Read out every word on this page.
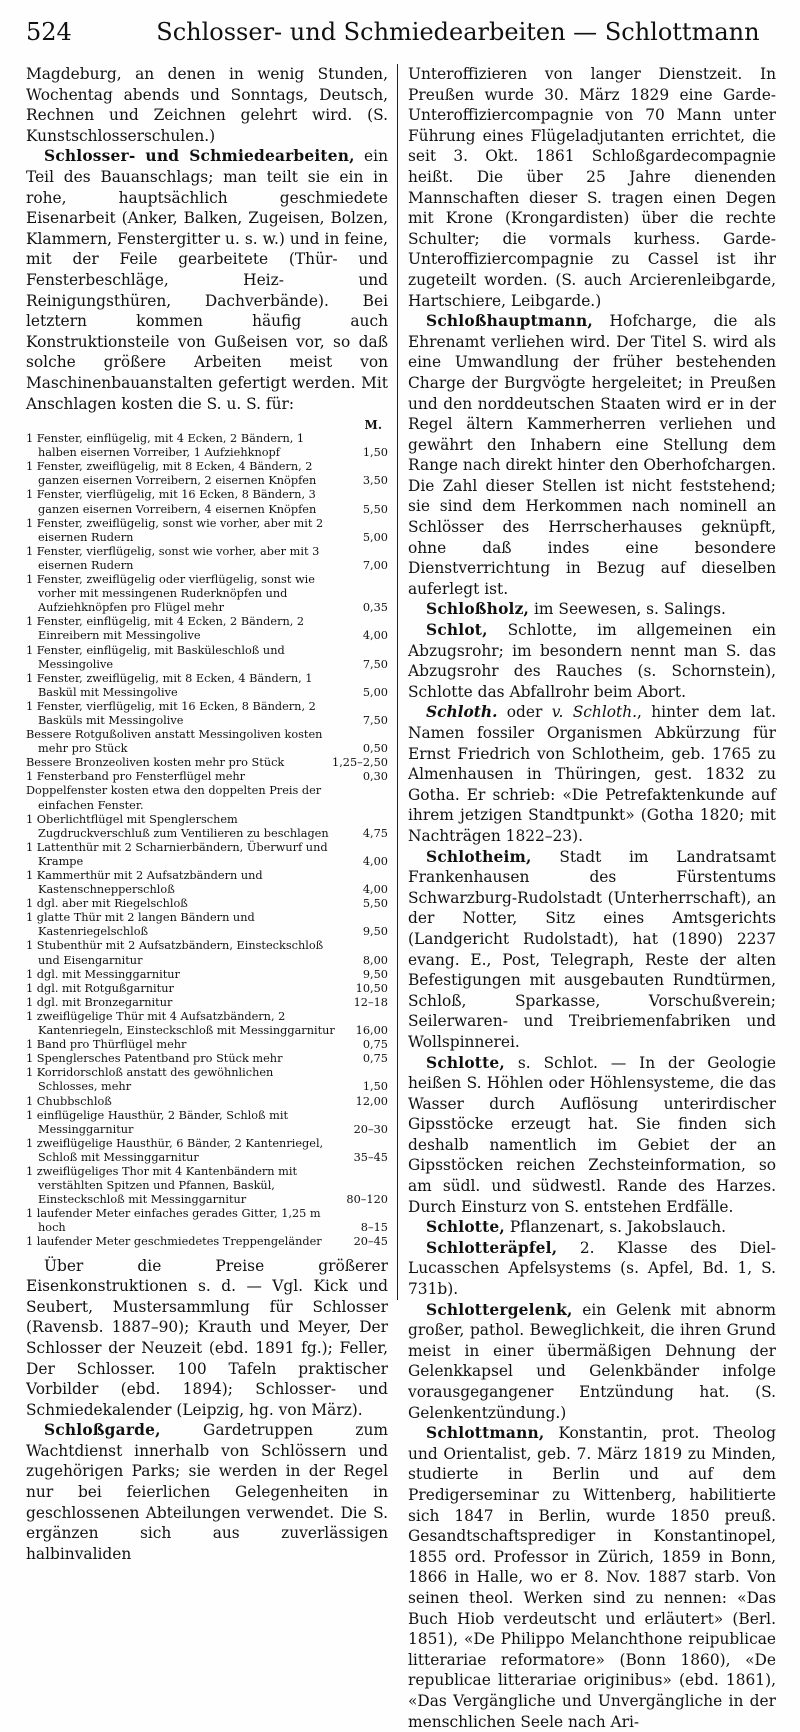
524	Schlosser- und Schmiedearbeiten — Schlottmann

Magdeburg, an denen in wenig Stunden, Wochentag abends und Sonntags, Deutsch, Rechnen und Zeichnen gelehrt wird. (S. Kunstschlosserschulen.)

Schlosser- und Schmiedearbeiten, ein Teil des Bauanschlags; man teilt sie ein in rohe, hauptsächlich geschmiedete Eisenarbeit (Anker, Balken, Zugeisen, Bolzen, Klammern, Fenstergitter u. s. w.) und in feine, mit der Feile gearbeitete (Thür- und Fensterbeschläge, Heiz- und Reinigungsthüren, Dachverbände). Bei letztern kommen häufig auch Konstruktionsteile von Gußeisen vor, so daß solche größere Arbeiten meist von Maschinenbauanstalten gefertigt werden. Mit Anschlagen kosten die S. u. S. für:

M.
1 Fenster, einflügelig, mit 4 Ecken, 2 Bändern, 1 halben eisernen Vorreiber, 1 Aufziehknopf	1,50
1 Fenster, zweiflügelig, mit 8 Ecken, 4 Bändern, 2 ganzen eisernen Vorreibern, 2 eisernen Knöpfen	3,50
1 Fenster, vierflügelig, mit 16 Ecken, 8 Bändern, 3 ganzen eisernen Vorreibern, 4 eisernen Knöpfen	5,50
1 Fenster, zweiflügelig, sonst wie vorher, aber mit 2 eisernen Rudern	5,00
1 Fenster, vierflügelig, sonst wie vorher, aber mit 3 eisernen Rudern	7,00
1 Fenster, zweiflügelig oder vierflügelig, sonst wie vorher mit messingenen Ruderknöpfen und Aufziehknöpfen pro Flügel mehr	0,35
1 Fenster, einflügelig, mit 4 Ecken, 2 Bändern, 2 Einreibern mit Messingolive	4,00
1 Fenster, einflügelig, mit Basküleschloß und Messingolive	7,50
1 Fenster, zweiflügelig, mit 8 Ecken, 4 Bändern, 1 Baskül mit Messingolive	5,00
1 Fenster, vierflügelig, mit 16 Ecken, 8 Bändern, 2 Basküls mit Messingolive	7,50
Bessere Rotgußoliven anstatt Messingoliven kosten mehr pro Stück	0,50
Bessere Bronzeoliven kosten mehr pro Stück	1,25–2,50
1 Fensterband pro Fensterflügel mehr	0,30
Doppelfenster kosten etwa den doppelten Preis der einfachen Fenster.
1 Oberlichtflügel mit Spenglerschem Zugdruckverschluß zum Ventilieren zu beschlagen	4,75
1 Lattenthür mit 2 Scharnierbändern, Überwurf und Krampe	4,00
1 Kammerthür mit 2 Aufsatzbändern und Kastenschnepperschloß	4,00
1 dgl. aber mit Riegelschloß	5,50
1 glatte Thür mit 2 langen Bändern und Kastenriegelschloß	9,50
1 Stubenthür mit 2 Aufsatzbändern, Einsteckschloß und Eisengarnitur	8,00
1 dgl. mit Messinggarnitur	9,50
1 dgl. mit Rotgußgarnitur	10,50
1 dgl. mit Bronzegarnitur	12–18
1 zweiflügelige Thür mit 4 Aufsatzbändern, 2 Kantenriegeln, Einsteckschloß mit Messinggarnitur	16,00
1 Band pro Thürflügel mehr	0,75
1 Spenglersches Patentband pro Stück mehr	0,75
1 Korridorschloß anstatt des gewöhnlichen Schlosses, mehr	1,50
1 Chubbschloß	12,00
1 einflügelige Hausthür, 2 Bänder, Schloß mit Messinggarnitur	20–30
1 zweiflügelige Hausthür, 6 Bänder, 2 Kantenriegel, Schloß mit Messinggarnitur	35–45
1 zweiflügeliges Thor mit 4 Kantenbändern mit verstählten Spitzen und Pfannen, Baskül, Einsteckschloß mit Messinggarnitur	80–120
1 laufender Meter einfaches gerades Gitter, 1,25 m hoch	8–15
1 laufender Meter geschmiedetes Treppengeländer	20–45

Über die Preise größerer Eisenkonstruktionen s. d. — Vgl. Kick und Seubert, Mustersammlung für Schlosser (Ravensb. 1887–90); Krauth und Meyer, Der Schlosser der Neuzeit (ebd. 1891 fg.); Feller, Der Schlosser. 100 Tafeln praktischer Vorbilder (ebd. 1894); Schlosser- und Schmiedekalender (Leipzig, hg. von März).

Schloßgarde, Gardetruppen zum Wachtdienst innerhalb von Schlössern und zugehörigen Parks; sie werden in der Regel nur bei feierlichen Gelegenheiten in geschlossenen Abteilungen verwendet. Die S. ergänzen sich aus zuverlässigen halbinvaliden

Unteroffizieren von langer Dienstzeit. In Preußen wurde 30. März 1829 eine Garde-Unteroffiziercompagnie von 70 Mann unter Führung eines Flügeladjutanten errichtet, die seit 3. Okt. 1861 Schloßgardecompagnie heißt. Die über 25 Jahre dienenden Mannschaften dieser S. tragen einen Degen mit Krone (Krongardisten) über die rechte Schulter; die vormals kurhess. Garde-Unteroffiziercompagnie zu Cassel ist ihr zugeteilt worden. (S. auch Arcierenleibgarde, Hartschiere, Leibgarde.)

Schloßhauptmann, Hofcharge, die als Ehrenamt verliehen wird. Der Titel S. wird als eine Umwandlung der früher bestehenden Charge der Burgvögte hergeleitet; in Preußen und den norddeutschen Staaten wird er in der Regel ältern Kammerherren verliehen und gewährt den Inhabern eine Stellung dem Range nach direkt hinter den Oberhofchargen. Die Zahl dieser Stellen ist nicht feststehend; sie sind dem Herkommen nach nominell an Schlösser des Herrscherhauses geknüpft, ohne daß indes eine besondere Dienstverrichtung in Bezug auf dieselben auferlegt ist.

Schloßholz, im Seewesen, s. Salings.

Schlot, Schlotte, im allgemeinen ein Abzugsrohr; im besondern nennt man S. das Abzugsrohr des Rauches (s. Schornstein), Schlotte das Abfallrohr beim Abort.

Schloth. oder v. Schloth., hinter dem lat. Namen fossiler Organismen Abkürzung für Ernst Friedrich von Schlotheim, geb. 1765 zu Almenhausen in Thüringen, gest. 1832 zu Gotha. Er schrieb: «Die Petrefaktenkunde auf ihrem jetzigen Standtpunkt» (Gotha 1820; mit Nachträgen 1822–23).

Schlotheim, Stadt im Landratsamt Frankenhausen des Fürstentums Schwarzburg-Rudolstadt (Unterherrschaft), an der Notter, Sitz eines Amtsgerichts (Landgericht Rudolstadt), hat (1890) 2237 evang. E., Post, Telegraph, Reste der alten Befestigungen mit ausgebauten Rundtürmen, Schloß, Sparkasse, Vorschußverein; Seilerwaren- und Treibriemenfabriken und Wollspinnerei.

Schlotte, s. Schlot. — In der Geologie heißen S. Höhlen oder Höhlensysteme, die das Wasser durch Auflösung unterirdischer Gipsstöcke erzeugt hat. Sie finden sich deshalb namentlich im Gebiet der an Gipsstöcken reichen Zechsteinformation, so am südl. und südwestl. Rande des Harzes. Durch Einsturz von S. entstehen Erdfälle.

Schlotte, Pflanzenart, s. Jakobslauch.

Schlotteräpfel, 2. Klasse des Diel-Lucasschen Apfelsystems (s. Apfel, Bd. 1, S. 731b).

Schlottergelenk, ein Gelenk mit abnorm großer, pathol. Beweglichkeit, die ihren Grund meist in einer übermäßigen Dehnung der Gelenkkapsel und Gelenkbänder infolge vorausgegangener Entzündung hat. (S. Gelenkentzündung.)

Schlottmann, Konstantin, prot. Theolog und Orientalist, geb. 7. März 1819 zu Minden, studierte in Berlin und auf dem Predigerseminar zu Wittenberg, habilitierte sich 1847 in Berlin, wurde 1850 preuß. Gesandtschaftsprediger in Konstantinopel, 1855 ord. Professor in Zürich, 1859 in Bonn, 1866 in Halle, wo er 8. Nov. 1887 starb. Von seinen theol. Werken sind zu nennen: «Das Buch Hiob verdeutscht und erläutert» (Berl. 1851), «De Philippo Melanchthone reipublicae litterariae reformatore» (Bonn 1860), «De republicae litterariae originibus» (ebd. 1861), «Das Vergängliche und Unvergängliche in der menschlichen Seele nach Ari-
